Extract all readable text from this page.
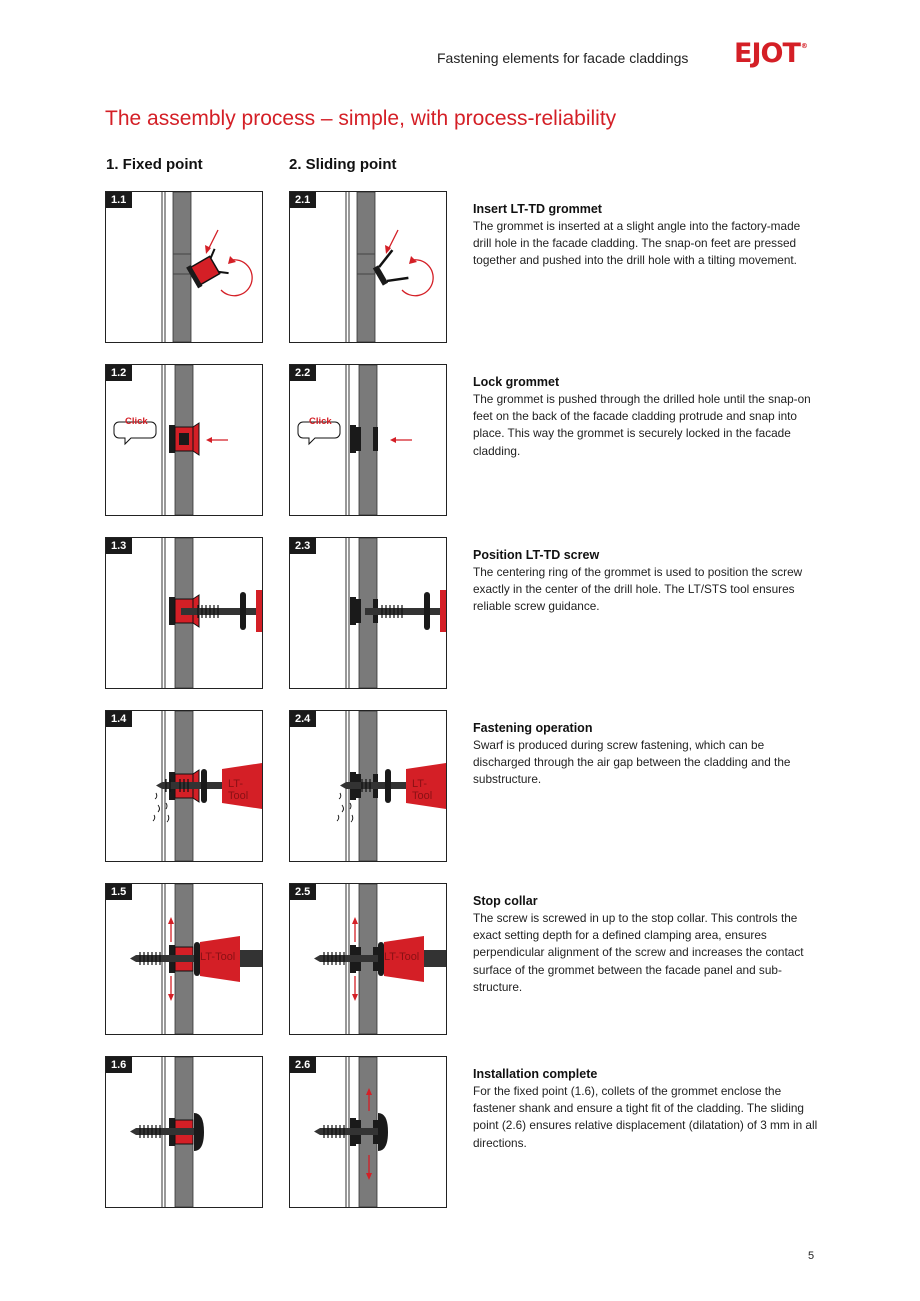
Fastening elements for facade claddings EJOT®
The assembly process – simple, with process-reliability
1. Fixed point	2. Sliding point
1.1	2.1
Insert LT-TD grommet
The grommet is inserted at a slight angle into the factory-made drill hole in the facade cladding. The snap-on feet are pressed together and pushed into the drill hole with a tilting movement.
1.2
Click
2.2
Click
Lock grommet
The grommet is pushed through the drilled hole until the snap-on feet on the back of the facade cladding protrude and snap into place. This way the grommet is securely locked in the facade cladding.
1.3	2.3
Position LT-TD screw
The centering ring of the grommet is used to position the screw exactly in the center of the drill hole. The LT/STS tool ensures reliable screw guidance.
1.4
LT-Tool
2.4
LT-Tool
Fastening operation
Swarf is produced during screw fastening, which can be discharged through the air gap between the cladding and the substructure.
1.5
LT-Tool
2.5
LT-Tool
Stop collar
The screw is screwed in up to the stop collar. This controls the exact setting depth for a defined clamping area, ensures perpendicular alignment of the screw and increases the contact surface of the grommet between the facade panel and sub-structure.
1.6	2.6
Installation complete
For the fixed point (1.6), collets of the grommet enclose the fastener shank and ensure a tight fit of the cladding. The sliding point (2.6) ensures relative displacement (dilatation) of 3 mm in all directions.
5
